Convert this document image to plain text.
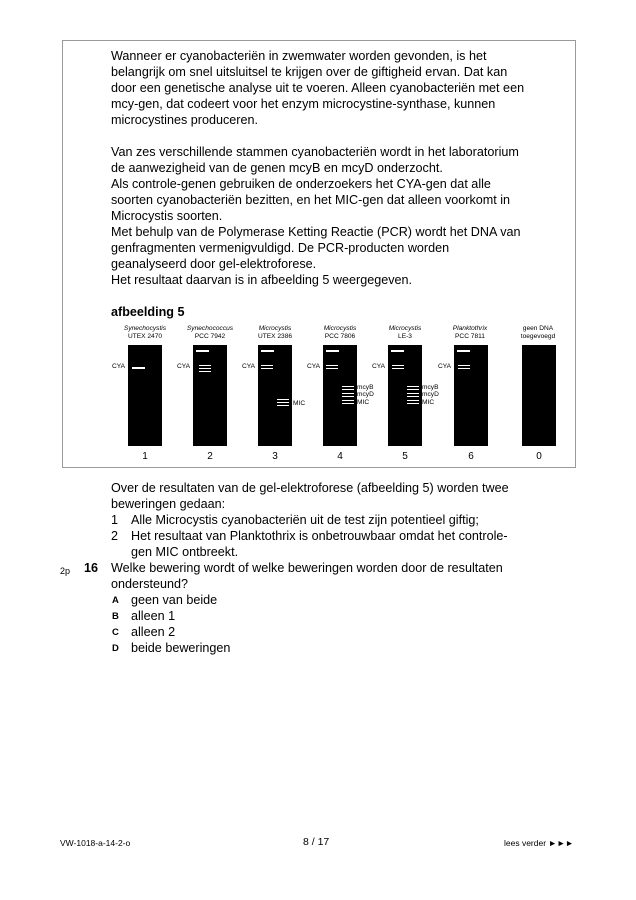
Wanneer er cyanobacteriën in zwemwater worden gevonden, is het
belangrijk om snel uitsluitsel te krijgen over de giftigheid ervan. Dat kan
door een genetische analyse uit te voeren. Alleen cyanobacteriën met een
mcy-gen, dat codeert voor het enzym microcystine-synthase, kunnen
microcystines produceren.
Van zes verschillende stammen cyanobacteriën wordt in het laboratorium
de aanwezigheid van de genen mcyB en mcyD onderzocht.
Als controle-genen gebruiken de onderzoekers het CYA-gen dat alle
soorten cyanobacteriën bezitten, en het MIC-gen dat alleen voorkomt in
Microcystis soorten.
Met behulp van de Polymerase Ketting Reactie (PCR) wordt het DNA van
genfragmenten vermenigvuldigd. De PCR-producten worden
geanalyseerd door gel-elektroforese.
Het resultaat daarvan is in afbeelding 5 weergegeven.
afbeelding 5
Synechocystis
UTEX 2470
Synechococcus
PCC 7942
Microcystis
UTEX 2386
Microcystis
PCC 7806
Microcystis
LE-3
Planktothrix
PCC 7811
geen DNA
toegevoegd
CYA	CYA	CYA
MIC
CYA
mcyB
mcyD
MIC
CYA
mcyB
mcyD
MIC
CYA
1	2	3	4	5	6	0
Over de resultaten van de gel-elektroforese (afbeelding 5) worden twee
beweringen gedaan:
1 Alle Microcystis cyanobacteriën uit de test zijn potentieel giftig;
2 Het resultaat van Planktothrix is onbetrouwbaar omdat het controle-
gen MIC ontbreekt.
2p 16 Welke bewering wordt of welke beweringen worden door de resultaten
ondersteund?
A geen van beide
B alleen 1
C alleen 2
D beide beweringen
VW-1018-a-14-2-o	8 / 17	lees verder ►►►
